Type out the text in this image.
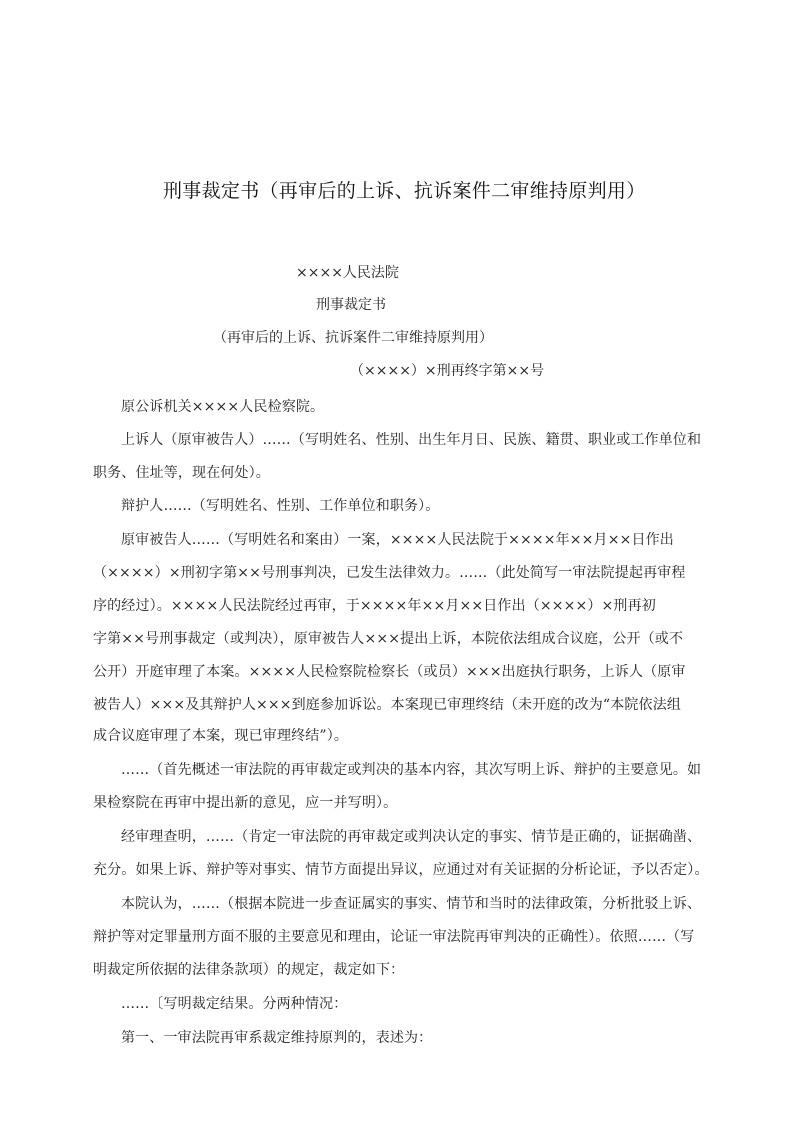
刑事裁定书（再审后的上诉、抗诉案件二审维持原判用）
××××人民法院
刑事裁定书
（再审后的上诉、抗诉案件二审维持原判用）
（××××）×刑再终字第××号
原公诉机关××××人民检察院。
上诉人（原审被告人）……（写明姓名、性别、出生年月日、民族、籍贯、职业或工作单位和
职务、住址等，现在何处）。
辩护人……（写明姓名、性别、工作单位和职务）。
原审被告人……（写明姓名和案由）一案，××××人民法院于××××年××月××日作出
（××××）×刑初字第××号刑事判决，已发生法律效力。……（此处简写一审法院提起再审程
序的经过）。××××人民法院经过再审，于××××年××月××日作出（××××）×刑再初
字第××号刑事裁定（或判决），原审被告人×××提出上诉，本院依法组成合议庭，公开（或不
公开）开庭审理了本案。××××人民检察院检察长（或员）×××出庭执行职务，上诉人（原审
被告人）×××及其辩护人×××到庭参加诉讼。本案现已审理终结（未开庭的改为“本院依法组
成合议庭审理了本案，现已审理终结”）。
……（首先概述一审法院的再审裁定或判决的基本内容，其次写明上诉、辩护的主要意见。如
果检察院在再审中提出新的意见，应一并写明）。
经审理查明，……（肯定一审法院的再审裁定或判决认定的事实、情节是正确的，证据确凿、
充分。如果上诉、辩护等对事实、情节方面提出异议，应通过对有关证据的分析论证，予以否定）。
本院认为，……（根据本院进一步查证属实的事实、情节和当时的法律政策，分析批驳上诉、
辩护等对定罪量刑方面不服的主要意见和理由，论证一审法院再审判决的正确性）。依照……（写
明裁定所依据的法律条款项）的规定，裁定如下：
……〔写明裁定结果。分两种情况：
第一、一审法院再审系裁定维持原判的，表述为：
